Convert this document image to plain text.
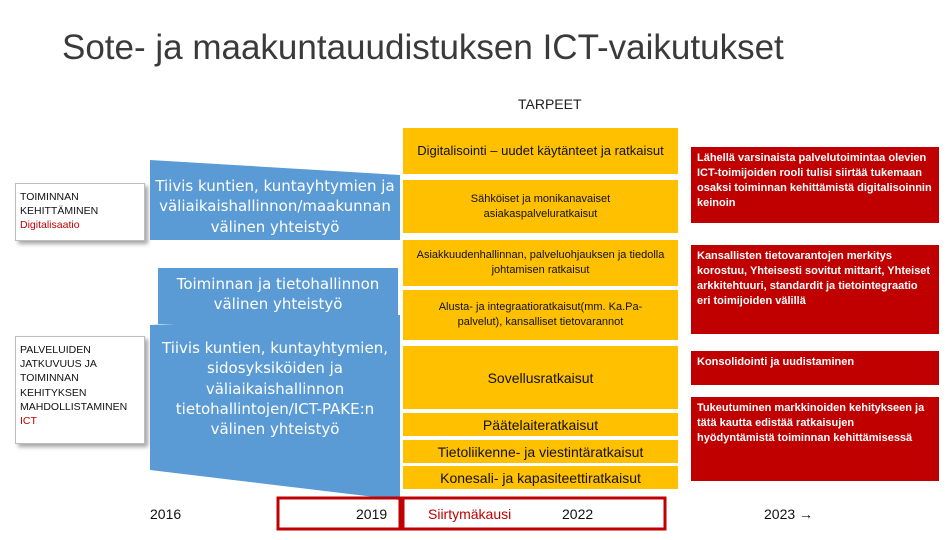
Sote- ja maakuntauudistuksen ICT-vaikutukset
TARPEET
TOIMINNAN
KEHITTÄMINEN
Digitalisaatio
PALVELUIDEN
JATKUVUUS JA
TOIMINNAN
KEHITYKSEN
MAHDOLLISTAMINEN
ICT
Tiivis kuntien, kuntayhtymien ja väliaikaishallinnon/maakunnan välinen yhteistyö
Toiminnan ja tietohallinnon välinen yhteistyö
Tiivis kuntien, kuntayhtymien, sidosyksiköiden ja väliaikaishallinnon tietohallintojen/ICT-PAKE:n välinen yhteistyö
Digitalisointi – uudet käytänteet ja ratkaisut
Sähköiset ja monikanavaiset asiakaspalveluratkaisut
Asiakkuudenhallinnan, palveluohjauksen ja tiedolla johtamisen ratkaisut
Alusta- ja integraatioratkaisut(mm. Ka.Pa-palvelut), kansalliset tietovarannot
Sovellusratkaisut
Päätelaiteratkaisut
Tietoliikenne- ja viestintäratkaisut
Konesali- ja kapasiteettiratkaisut
Lähellä varsinaista palvelutoimintaa olevien ICT-toimijoiden rooli tulisi siirtää tukemaan osaksi toiminnan kehittämistä digitalisoinnin keinoin
Kansallisten tietovarantojen merkitys korostuu, Yhteisesti sovitut mittarit, Yhteiset arkkitehtuuri, standardit ja tietointegraatio eri toimijoiden välillä
Konsolidointi ja uudistaminen
Tukeutuminen markkinoiden kehitykseen ja tätä kautta edistää ratkaisujen hyödyntämistä toiminnan kehittämisessä
2016	2019	Siirtymäkausi	2022	2023 →
